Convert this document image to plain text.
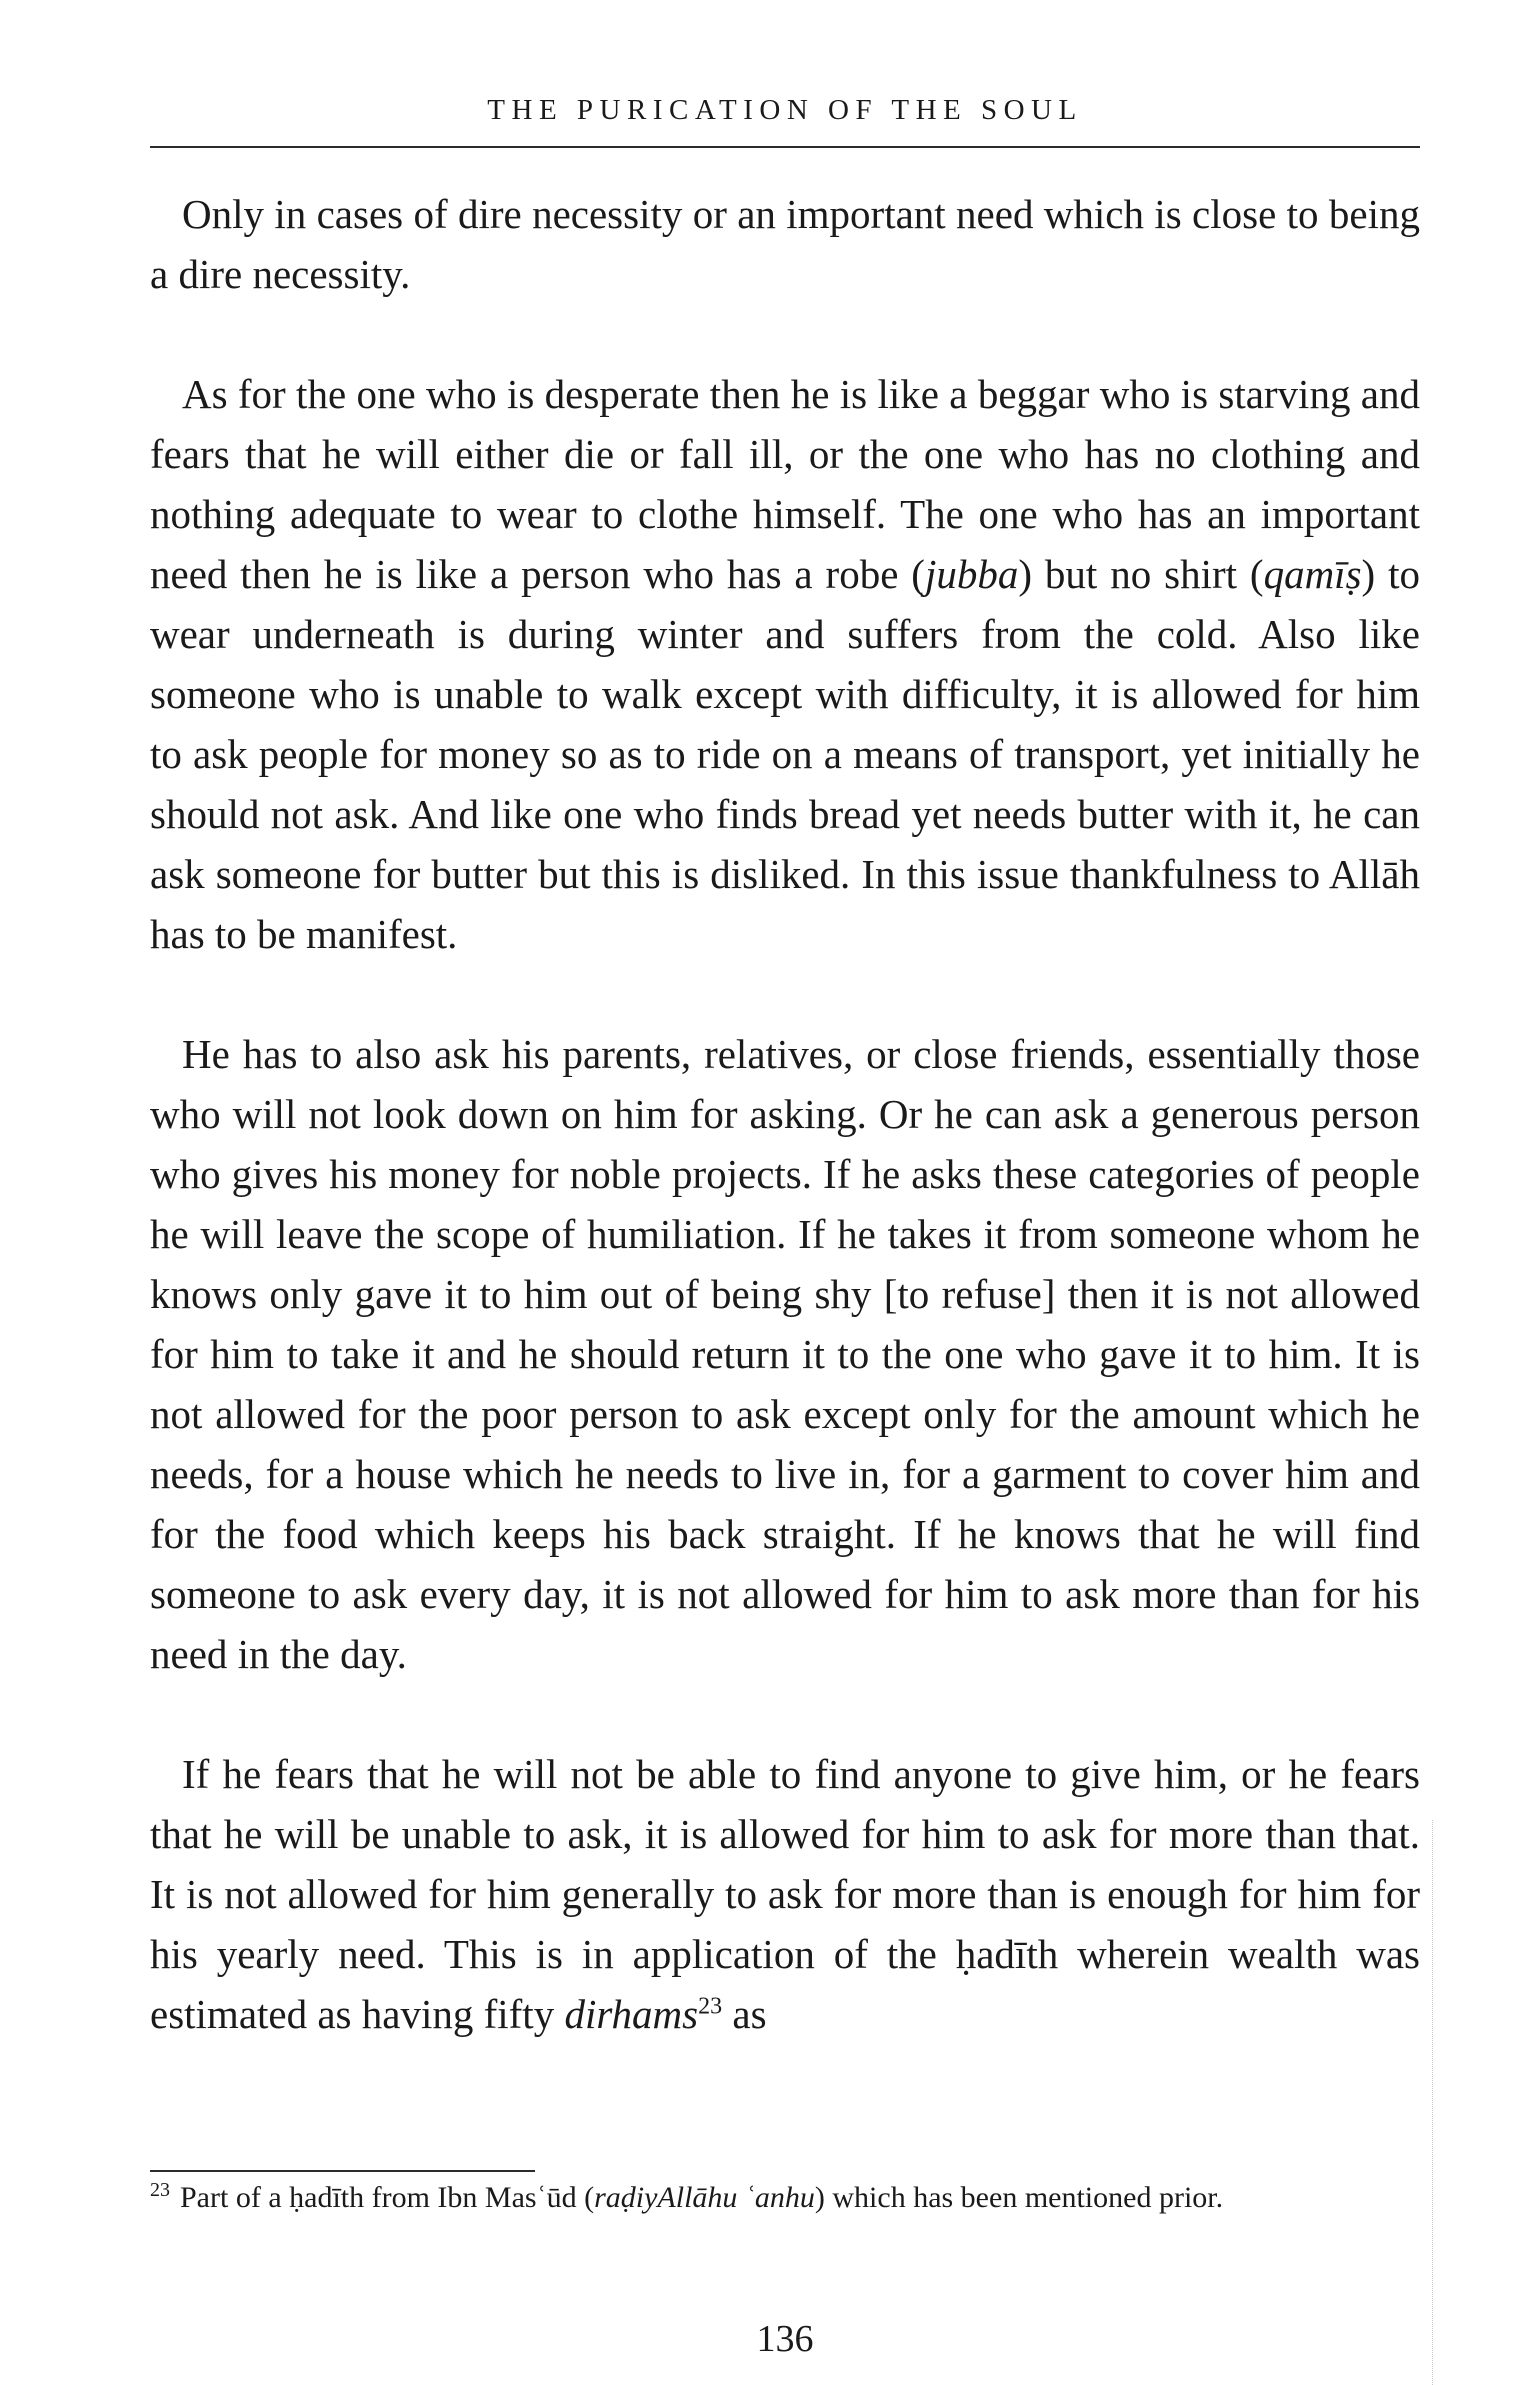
THE PURICATION OF THE SOUL

Only in cases of dire necessity or an important need which is close to being a dire necessity.

As for the one who is desperate then he is like a beggar who is starving and fears that he will either die or fall ill, or the one who has no clothing and nothing adequate to wear to clothe himself. The one who has an important need then he is like a person who has a robe (jubba) but no shirt (qamīṣ) to wear underneath is during winter and suffers from the cold. Also like someone who is unable to walk except with difficulty, it is allowed for him to ask people for money so as to ride on a means of transport, yet initially he should not ask. And like one who finds bread yet needs butter with it, he can ask someone for butter but this is disliked. In this issue thankfulness to Allāh has to be manifest.

He has to also ask his parents, relatives, or close friends, essentially those who will not look down on him for asking. Or he can ask a generous person who gives his money for noble projects. If he asks these categories of people he will leave the scope of humiliation. If he takes it from someone whom he knows only gave it to him out of being shy [to refuse] then it is not allowed for him to take it and he should return it to the one who gave it to him. It is not allowed for the poor person to ask except only for the amount which he needs, for a house which he needs to live in, for a garment to cover him and for the food which keeps his back straight. If he knows that he will find someone to ask every day, it is not allowed for him to ask more than for his need in the day.

If he fears that he will not be able to find anyone to give him, or he fears that he will be unable to ask, it is allowed for him to ask for more than that. It is not allowed for him generally to ask for more than is enough for him for his yearly need. This is in application of the ḥadīth wherein wealth was estimated as having fifty dirhams$^{23}$ as

$^{23}$ Part of a ḥadīth from Ibn Masʿūd (raḍiyAllāhu ʿanhu) which has been mentioned prior.
136
